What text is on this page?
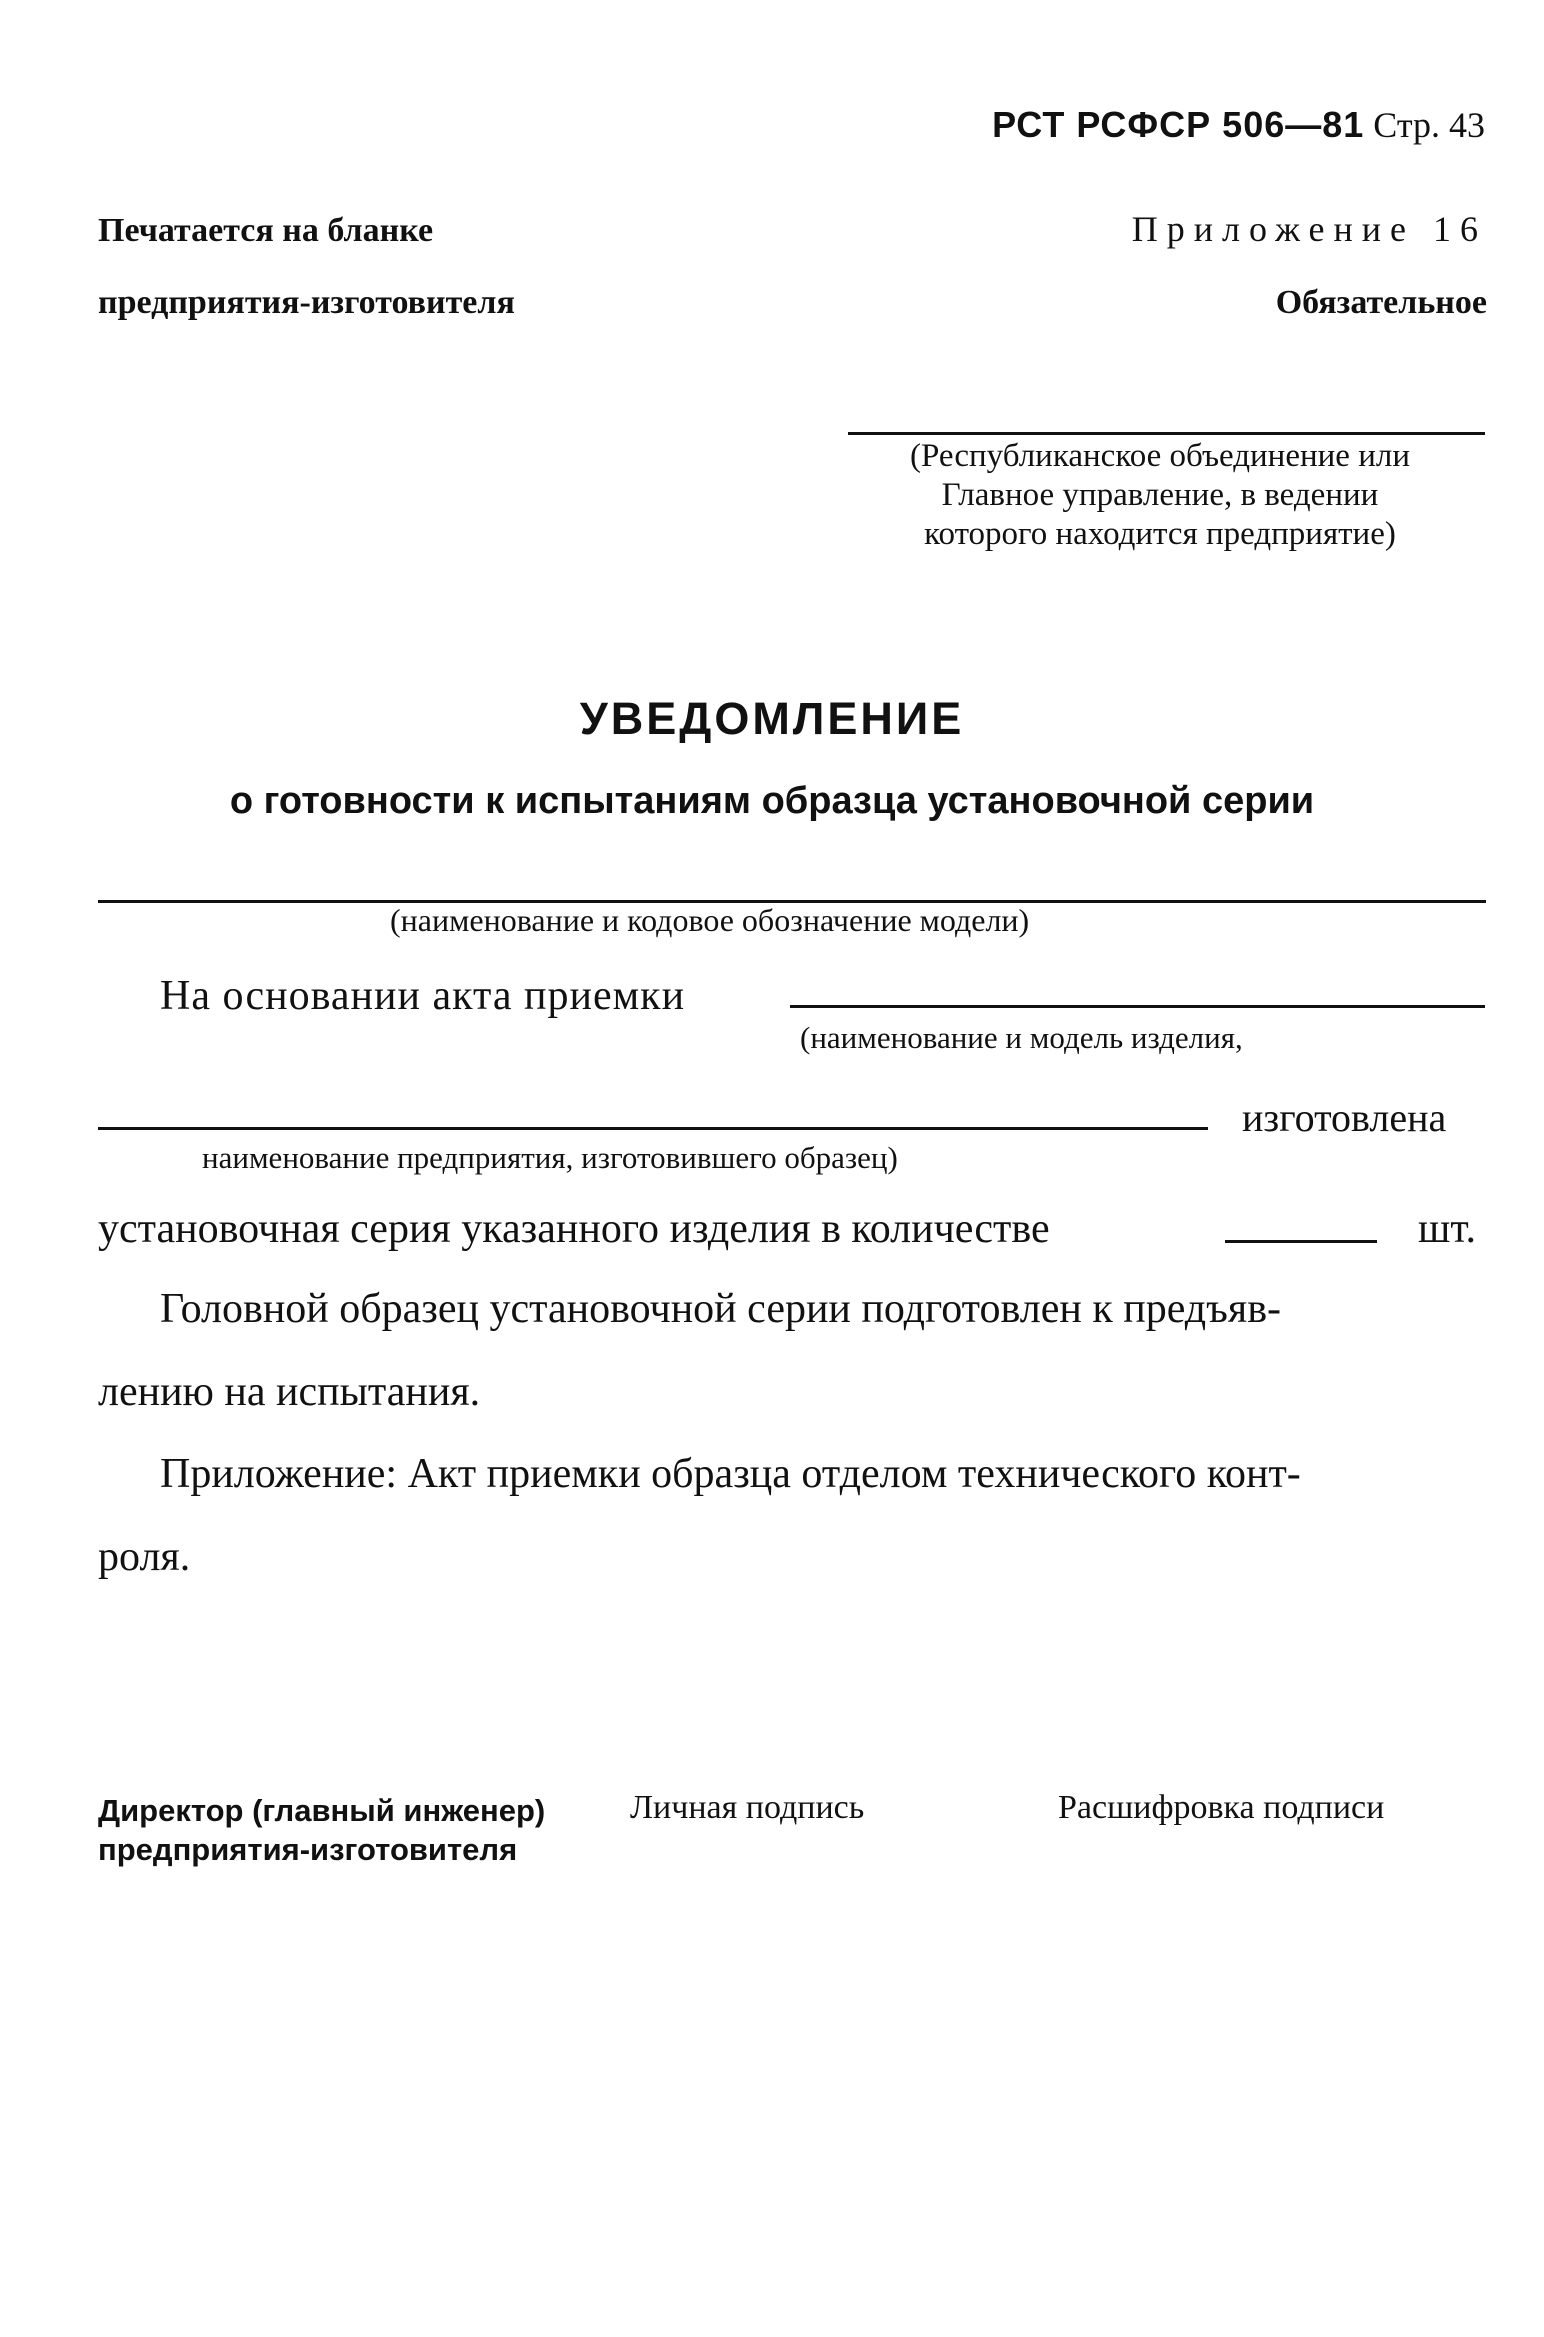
РСТ РСФСР 506—81 Стр. 43
Печатается на бланке
предприятия-изготовителя
Приложение 16
Обязательное
(Республиканское объединение или
Главное управление, в ведении
которого находится предприятие)
УВЕДОМЛЕНИЕ
о готовности к испытаниям образца установочной серии
(наименование и кодовое обозначение модели)
На основании акта приемки
(наименование и модель изделия,
изготовлена
наименование предприятия, изготовившего образец)
установочная серия указанного изделия в количестве	шт.
Головной образец установочной серии подготовлен к предъяв-
лению на испытания.
Приложение: Акт приемки образца отделом технического конт-
роля.
Директор (главный инженер)
предприятия-изготовителя
Личная подпись	Расшифровка подписи
